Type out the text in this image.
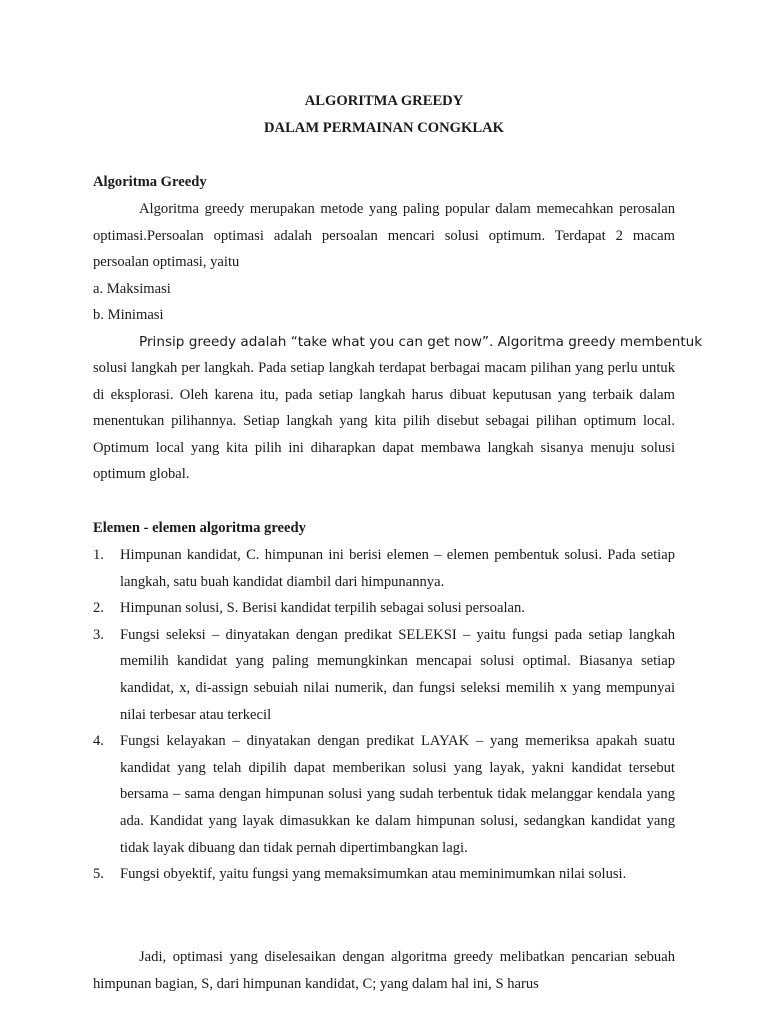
ALGORITMA GREEDY
DALAM PERMAINAN CONGKLAK
Algoritma Greedy
Algoritma greedy merupakan metode yang paling popular dalam memecahkan perosalan optimasi.Persoalan optimasi adalah persoalan mencari solusi optimum. Terdapat 2 macam persoalan optimasi, yaitu
a. Maksimasi
b. Minimasi
Prinsip greedy adalah “take what you can get now”. Algoritma greedy membentuk
solusi langkah per langkah. Pada setiap langkah terdapat berbagai macam pilihan yang perlu untuk di eksplorasi. Oleh karena itu, pada setiap langkah harus dibuat keputusan yang terbaik dalam menentukan pilihannya. Setiap langkah yang kita pilih disebut sebagai pilihan optimum local. Optimum local yang kita pilih ini diharapkan dapat membawa langkah sisanya menuju solusi optimum global.
Elemen - elemen algoritma greedy
1. Himpunan kandidat, C. himpunan ini berisi elemen – elemen pembentuk solusi. Pada setiap langkah, satu buah kandidat diambil dari himpunannya.
2. Himpunan solusi, S. Berisi kandidat terpilih sebagai solusi persoalan.
3. Fungsi seleksi – dinyatakan dengan predikat SELEKSI – yaitu fungsi pada setiap langkah memilih kandidat yang paling memungkinkan mencapai solusi optimal. Biasanya setiap kandidat, x, di-assign sebuiah nilai numerik, dan fungsi seleksi memilih x yang mempunyai nilai terbesar atau terkecil
4. Fungsi kelayakan – dinyatakan dengan predikat LAYAK – yang memeriksa apakah suatu kandidat yang telah dipilih dapat memberikan solusi yang layak, yakni kandidat tersebut bersama – sama dengan himpunan solusi yang sudah terbentuk tidak melanggar kendala yang ada. Kandidat yang layak dimasukkan ke dalam himpunan solusi, sedangkan kandidat yang tidak layak dibuang dan tidak pernah dipertimbangkan lagi.
5. Fungsi obyektif, yaitu fungsi yang memaksimumkan atau meminimumkan nilai solusi.
Jadi, optimasi yang diselesaikan dengan algoritma greedy melibatkan pencarian sebuah himpunan bagian, S, dari himpunan kandidat, C; yang dalam hal ini, S harus
